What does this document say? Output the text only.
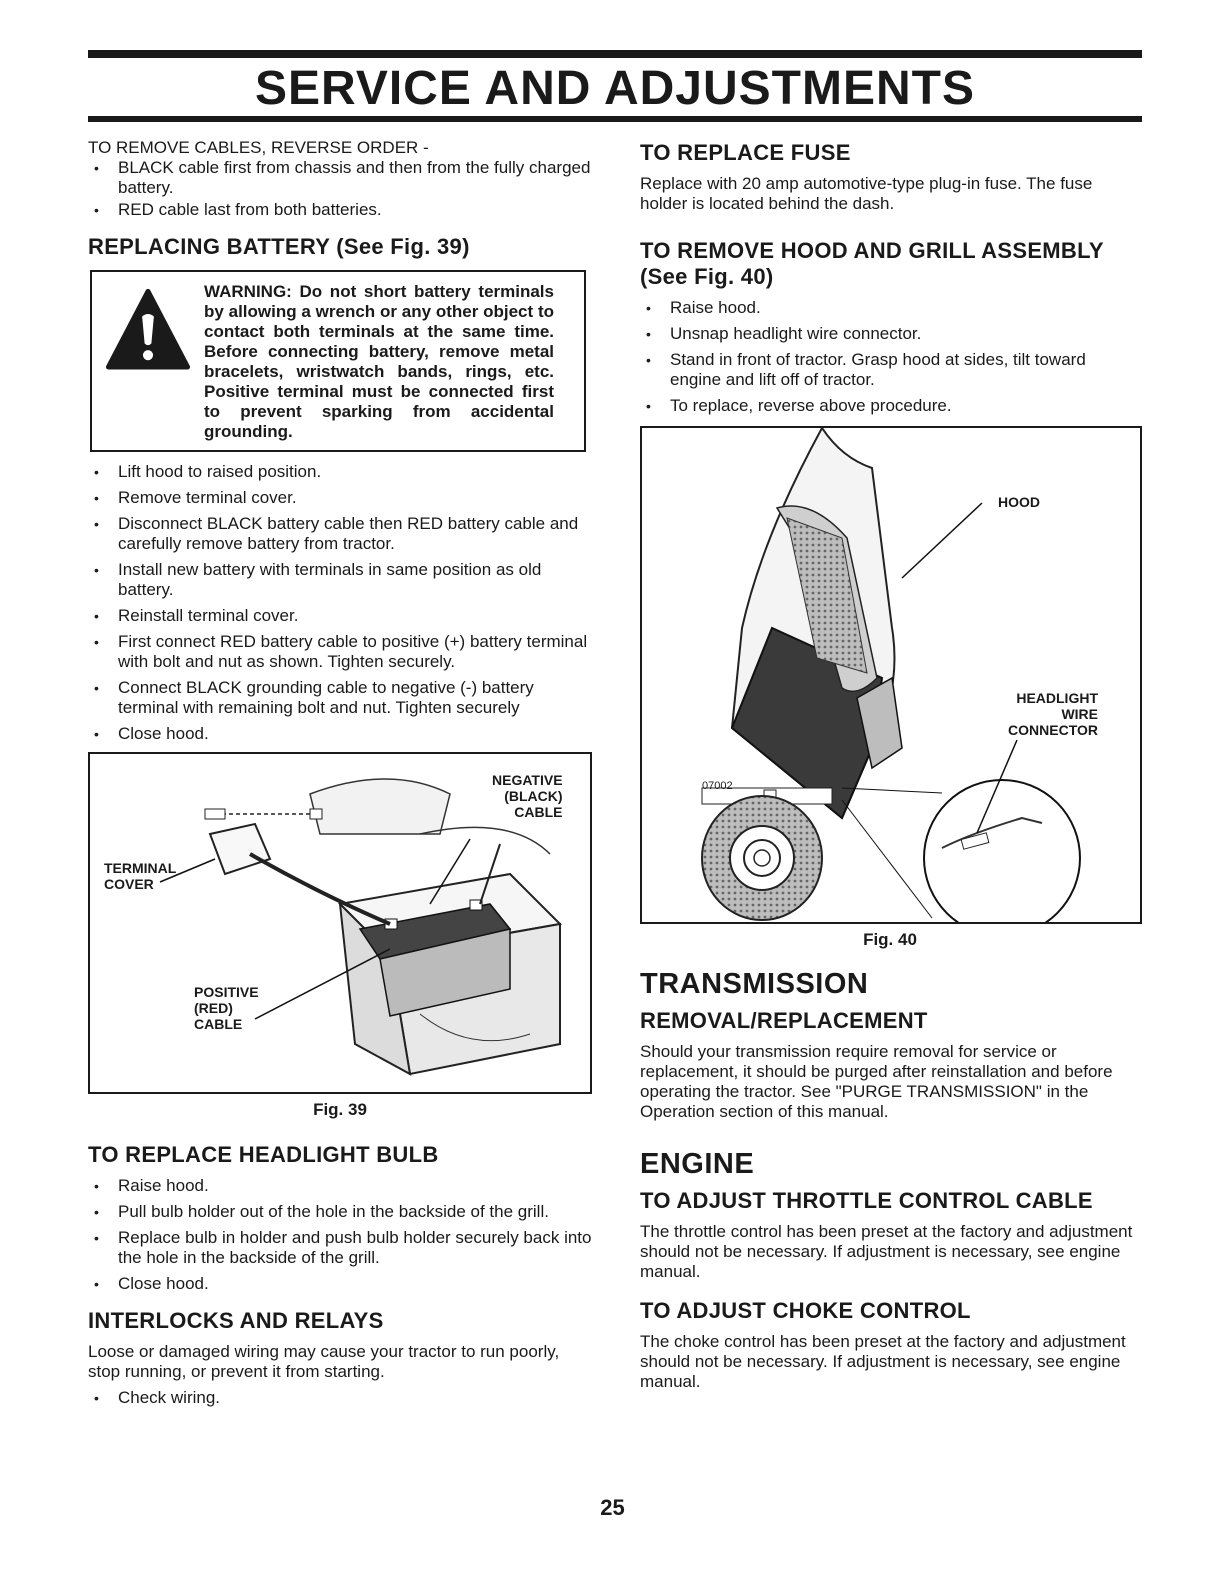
SERVICE AND ADJUSTMENTS
TO REMOVE CABLES, REVERSE ORDER -
• BLACK cable first from chassis and then from the fully charged battery.
• RED cable last from both batteries.
REPLACING BATTERY (See Fig. 39)
WARNING: Do not short battery terminals by allowing a wrench or any other object to contact both terminals at the same time. Before connecting battery, remove metal bracelets, wristwatch bands, rings, etc. Positive terminal must be connected first to prevent sparking from accidental grounding.
• Lift hood to raised position.
• Remove terminal cover.
• Disconnect BLACK battery cable then RED battery cable and carefully remove battery from tractor.
• Install new battery with terminals in same position as old battery.
• Reinstall terminal cover.
• First connect RED battery cable to positive (+) battery terminal with bolt and nut as shown. Tighten securely.
• Connect BLACK grounding cable to negative (-) battery terminal with remaining bolt and nut. Tighten securely
• Close hood.
NEGATIVE
(BLACK)
CABLE
TERMINAL
COVER
POSITIVE
(RED)
CABLE
Fig. 39
TO REPLACE HEADLIGHT BULB
• Raise hood.
• Pull bulb holder out of the hole in the backside of the grill.
• Replace bulb in holder and push bulb holder securely back into the hole in the backside of the grill.
• Close hood.
INTERLOCKS AND RELAYS

Loose or damaged wiring may cause your tractor to run poorly, stop running, or prevent it from starting.

• Check wiring.
TO REPLACE FUSE

Replace with 20 amp automotive-type plug-in fuse. The fuse holder is located behind the dash.

TO REMOVE HOOD AND GRILL ASSEMBLY (See Fig. 40)
• Raise hood.
• Unsnap headlight wire connector.
• Stand in front of tractor. Grasp hood at sides, tilt toward engine and lift off of tractor.
• To replace, reverse above procedure.
HOOD
HEADLIGHT
WIRE
CONNECTOR
07002
Fig. 40
TRANSMISSION
REMOVAL/REPLACEMENT

Should your transmission require removal for service or replacement, it should be purged after reinstallation and before operating the tractor. See "PURGE TRANSMISSION" in the Operation section of this manual.

ENGINE
TO ADJUST THROTTLE CONTROL CABLE

The throttle control has been preset at the factory and adjustment should not be necessary. If adjustment is necessary, see engine manual.

TO ADJUST CHOKE CONTROL

The choke control has been preset at the factory and adjustment should not be necessary. If adjustment is necessary, see engine manual.

25
